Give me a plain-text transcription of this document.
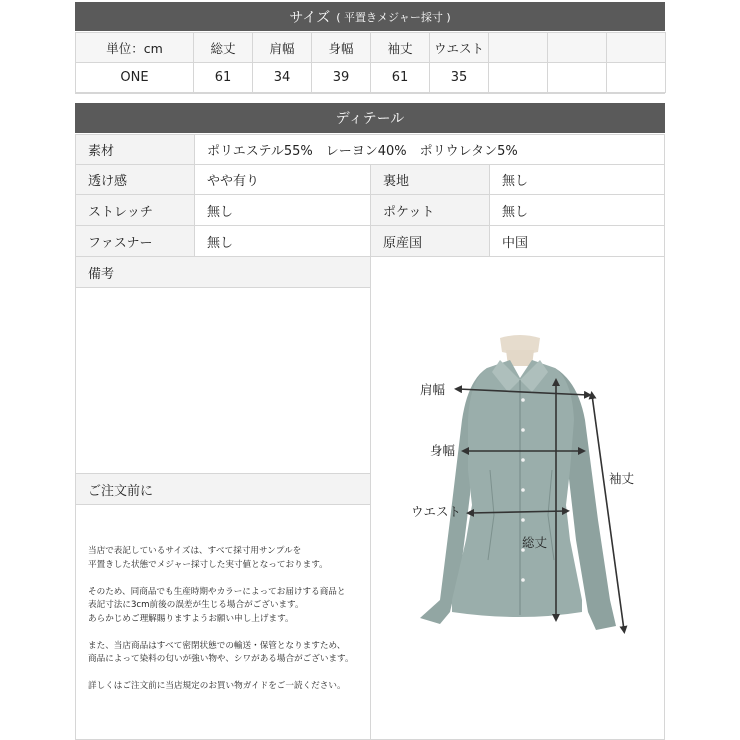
サイズ ( 平置きメジャー採寸 )
単位：cm	総丈	肩幅	身幅	袖丈	ウエスト			
ONE	61	34	39	61	35			
ディテール
素材	ポリエステル55%　レーヨン40%　ポリウレタン5%
透け感	やや有り	裏地	無し
ストレッチ	無し	ポケット	無し
ファスナー	無し	原産国	中国
備考
ご注文前に

当店で表記しているサイズは、すべて採寸用サンプルを
平置きした状態でメジャー採寸した実寸値となっております。

そのため、同商品でも生産時期やカラーによってお届けする商品と
表記寸法に3cm前後の誤差が生じる場合がございます。
あらかじめご理解賜りますようお願い申し上げます。

また、当店商品はすべて密閉状態での輸送・保管となりますため、
商品によって染料の匂いが強い物や、シワがある場合がございます。

詳しくはご注文前に当店規定のお買い物ガイドをご一読ください。

肩幅
身幅
ウエスト
総丈
袖丈
